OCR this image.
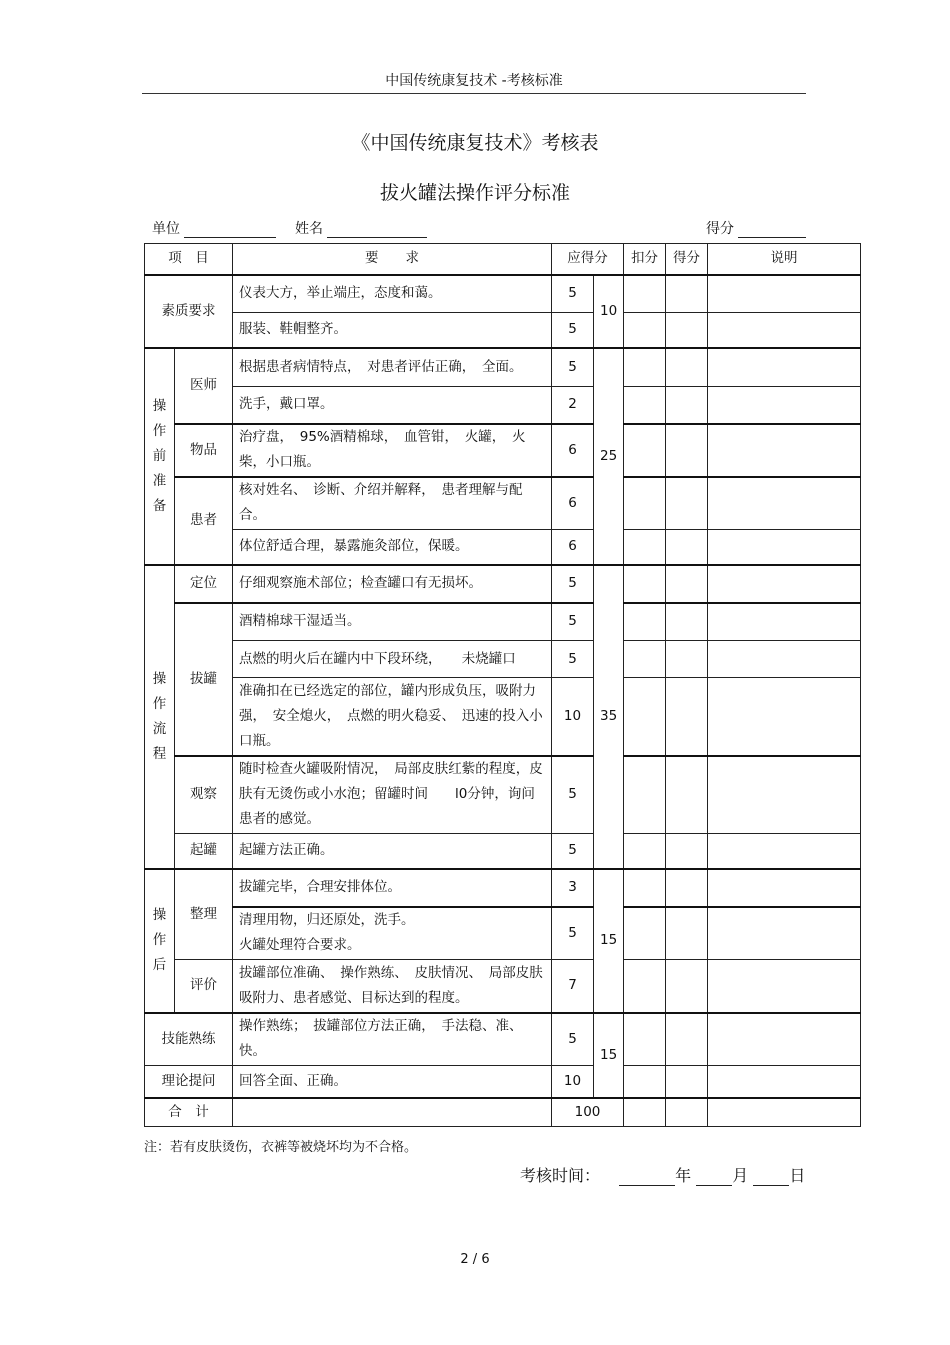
中国传统康复技术 -考核标准
《中国传统康复技术》考核表
拔火罐法操作评分标准
单位	姓名	得分
项　目		要　　求	应得分		扣分	得分	说明
素质要求		仪表大方，举止端庄，态度和蔼。	5	10			
		服装、鞋帽整齐。	5				
操作前准备	医师	根据患者病情特点，　对患者评估正确，　全面。	5	25			
		洗手，戴口罩。	2				
	物品	治疗盘，　95%酒精棉球，　血管钳，　火罐，　火柴，小口瓶。	6				
	患者	核对姓名、　诊断、介绍并解释，　患者理解与配合。	6				
		体位舒适合理，暴露施灸部位，保暖。	6				
操作流程	定位	仔细观察施术部位；检查罐口有无损坏。	5	35			
	拔罐	酒精棉球干湿适当。	5				
		点燃的明火后在罐内中下段环绕，　　未烧罐口	5				
		准确扣在已经选定的部位，罐内形成负压，吸附力强，　安全熄火，　点燃的明火稳妥、　迅速的投入小口瓶。	10				
	观察	随时检查火罐吸附情况，　局部皮肤红紫的程度，皮肤有无烫伤或小水泡；留罐时间　　l0分钟，询问患者的感觉。	5				
	起罐	起罐方法正确。	5				
操作后	整理	拔罐完毕，合理安排体位。	3	15			
		清理用物，归还原处，洗手。
火罐处理符合要求。	5				
	评价	拔罐部位准确、　操作熟练、　皮肤情况、　局部皮肤吸附力、患者感觉、目标达到的程度。	7				
技能熟练		操作熟练；　拔罐部位方法正确，　手法稳、准、快。	5	15			
理论提问		回答全面、正确。	10				
合　计			100				
注：若有皮肤烫伤，衣裤等被烧坏均为不合格。
考核时间：	年	月	日
2 / 6
